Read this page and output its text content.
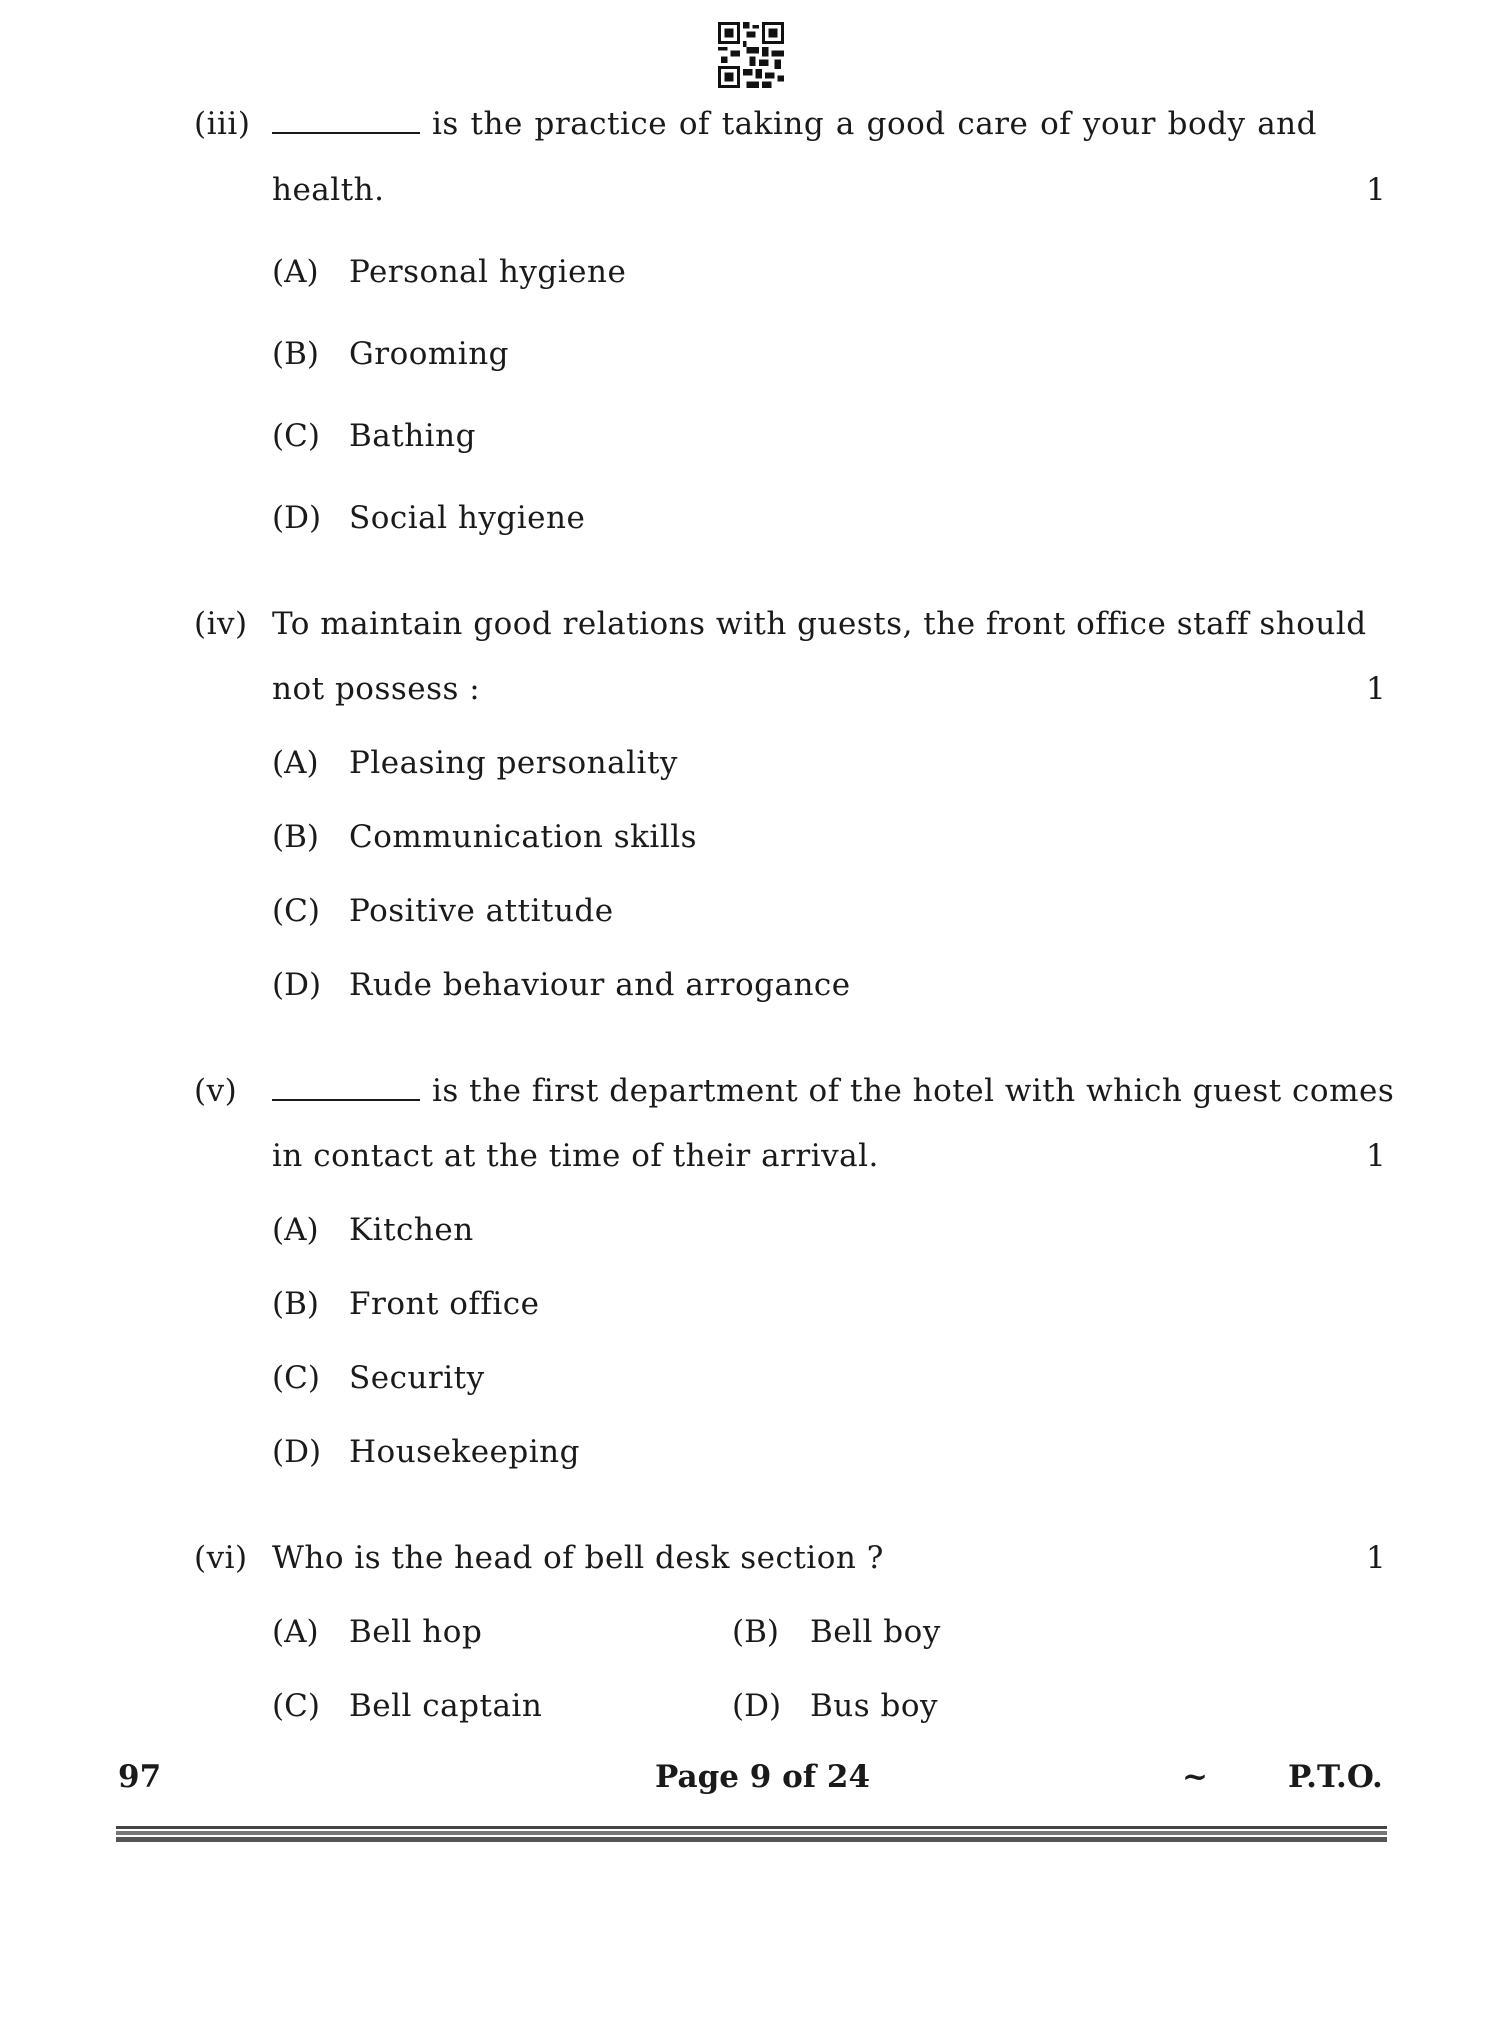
(iii)	is the practice of taking a good care of your body and
health.	1
(A) Personal hygiene
(B) Grooming
(C) Bathing
(D) Social hygiene
(iv) To maintain good relations with guests, the front office staff should
not possess :	1
(A) Pleasing personality
(B) Communication skills
(C) Positive attitude
(D) Rude behaviour and arrogance
(v)	is the first department of the hotel with which guest comes
in contact at the time of their arrival.	1
(A) Kitchen
(B) Front office
(C) Security
(D) Housekeeping
(vi) Who is the head of bell desk section ?	1
(A) Bell hop	(B) Bell boy
(C) Bell captain	(D) Bus boy
97	Page 9 of 24	~	P.T.O.
